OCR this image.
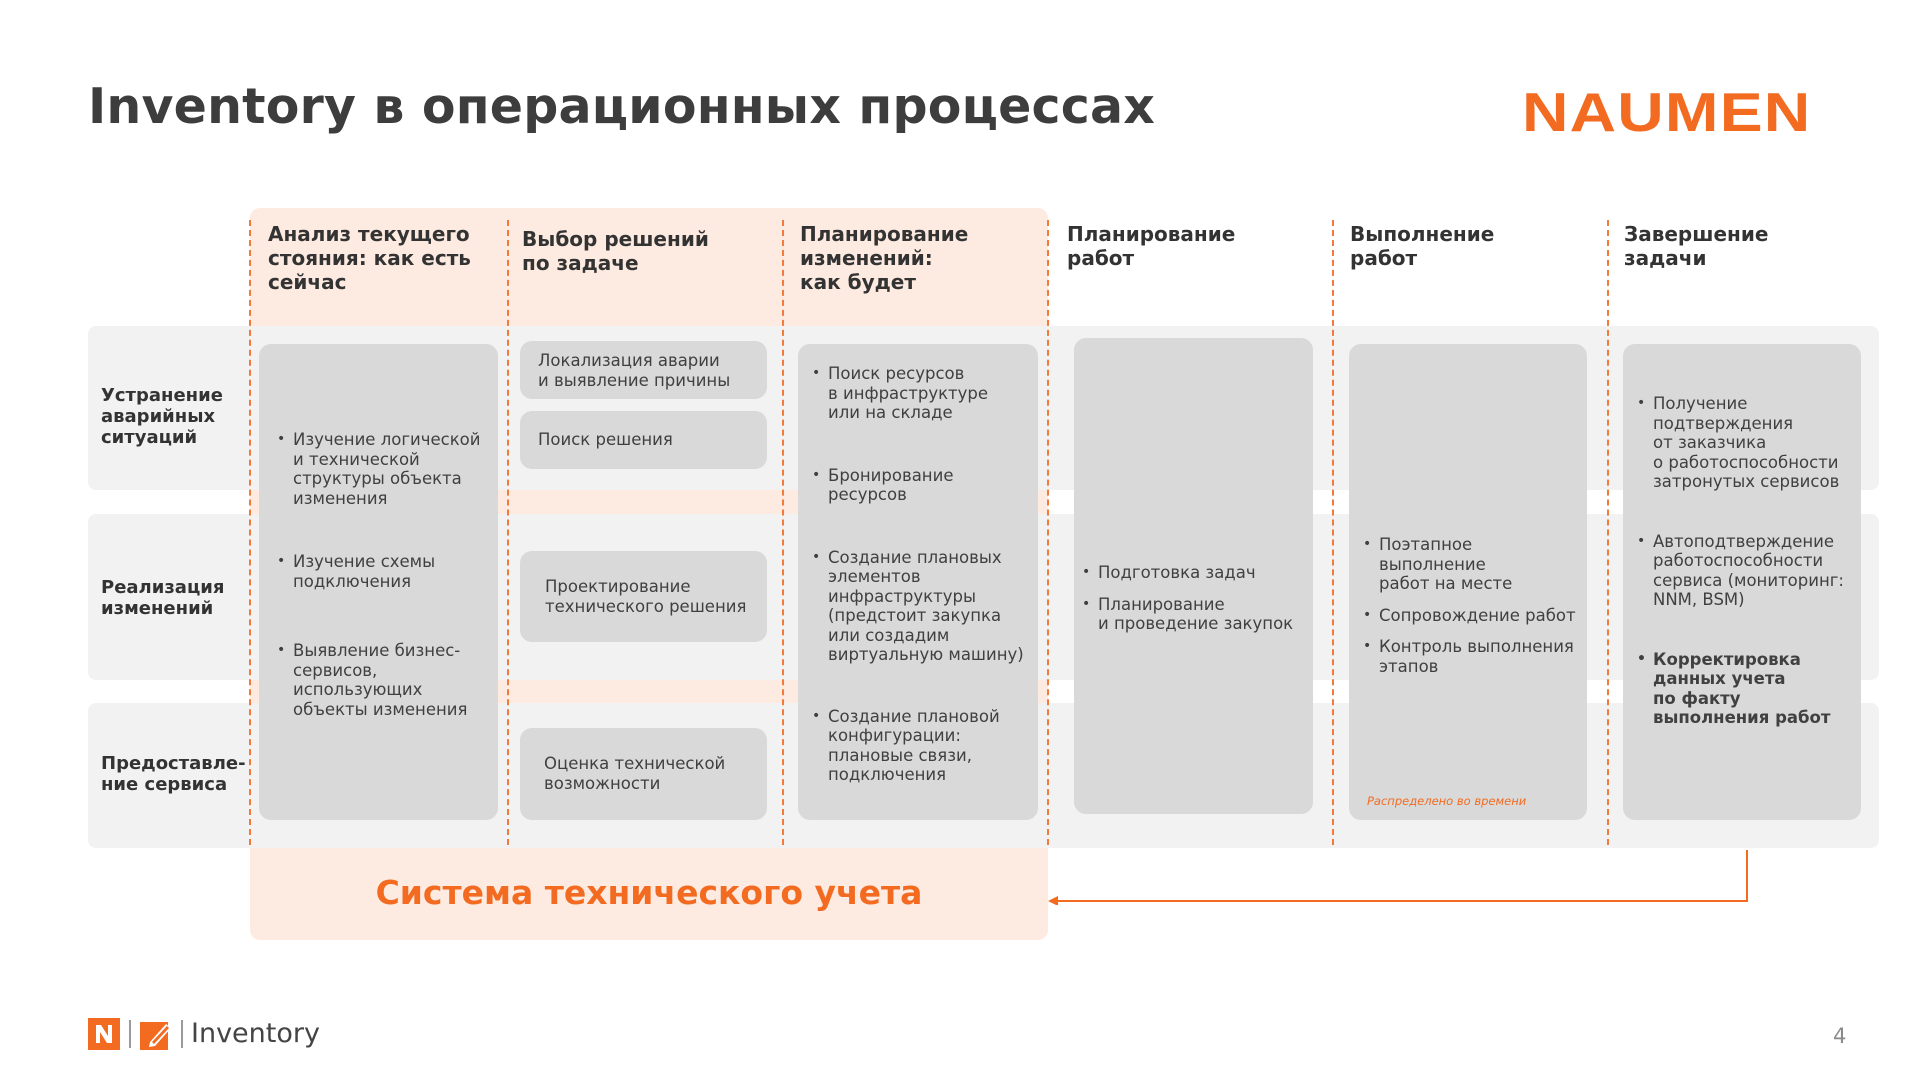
Inventory в операционных процессах	NAUMEN
Устранение
аварийных
ситуаций
Реализация
изменений
Предоставле-
ние сервиса
Анализ текущего
стояния: как есть
сейчас
Выбор решений
по задаче
Планирование
изменений:
как будет
Планирование
работ
Выполнение
работ
Завершение
задачи
• Изучение логической
и технической
структуры объекта
изменения
• Изучение схемы
подключения
• Выявление бизнес-
сервисов,
использующих
объекты изменения
Локализация аварии
и выявление причины
Поиск решения
Проектирование
технического решения
Оценка технической
возможности
• Поиск ресурсов
в инфраструктуре
или на складе
• Бронирование
ресурсов
• Создание плановых
элементов
инфраструктуры
(предстоит закупка
или создадим
виртуальную машину)
• Создание плановой
конфигурации:
плановые связи,
подключения
• Подготовка задач
• Планирование
и проведение закупок
• Поэтапное выполнение
работ на месте
• Сопровождение работ
• Контроль выполнения
этапов
Распределено во времени
• Получение
подтверждения
от заказчика
о работоспособности
затронутых сервисов
• Автоподтверждение
работоспособности
сервиса (мониторинг:
NNM, BSM)
• Корректировка
данных учета
по факту
выполнения работ
Система технического учета
Inventory	4
